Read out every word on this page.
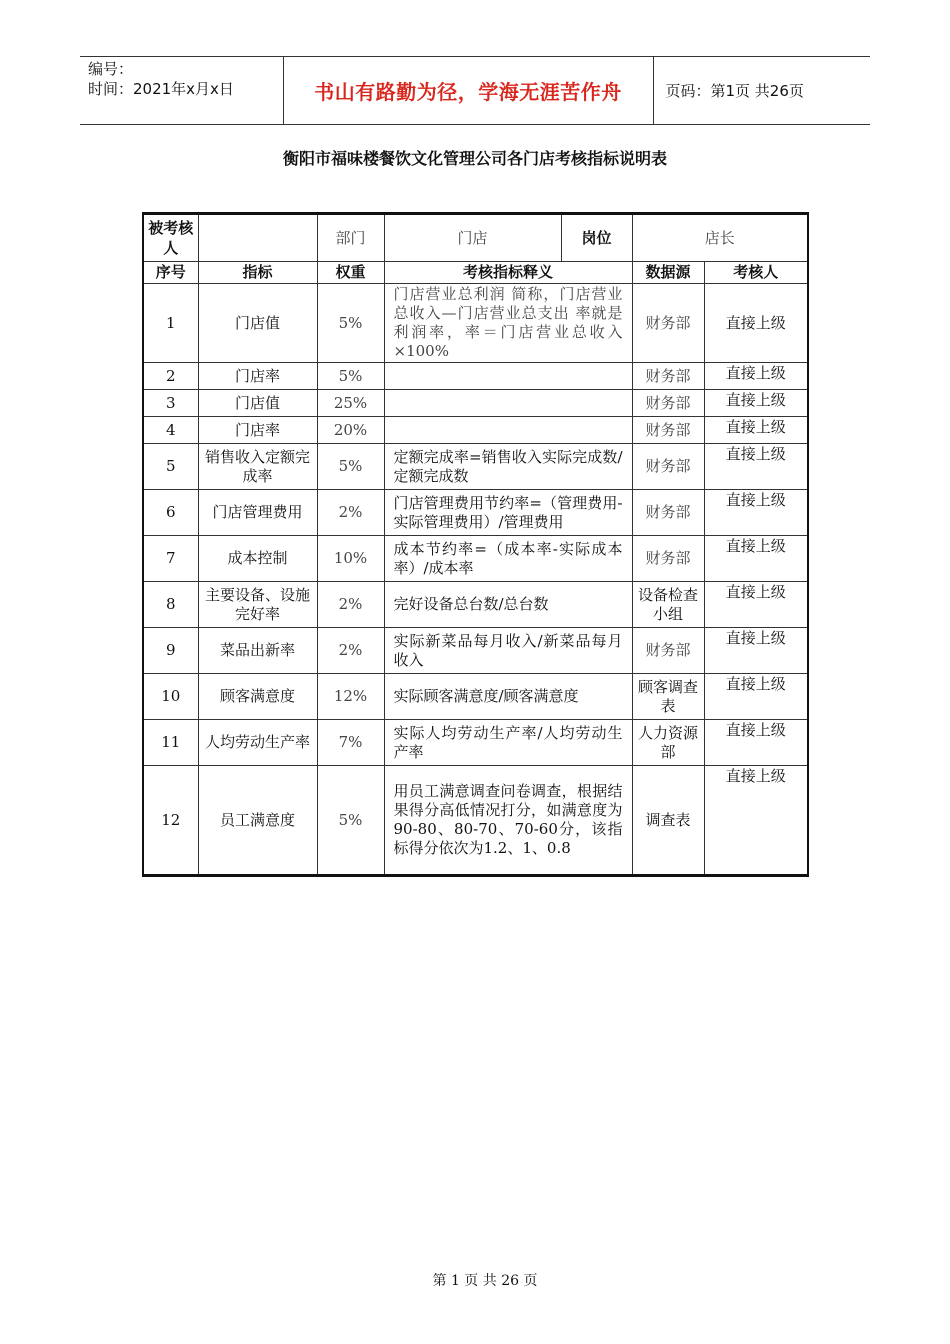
编号：
时间：2021年x月x日	书山有路勤为径，学海无涯苦作舟	页码：第1页 共26页
衡阳市福味楼餐饮文化管理公司各门店考核指标说明表
被考核人		部门	门店 岗位	店长	
序号	指标	权重	考核指标释义	数据源	考核人
1	门店值	5%	门店营业总利润 简称，门店营业总收入—门店营业总支出 率就是利润率，率＝门店营业总收入×100%	财务部	直接上级
2	门店率	5%		财务部	直接上级
3	门店值	25%		财务部	直接上级
4	门店率	20%		财务部	直接上级
5	销售收入定额完成率	5%	定额完成率=销售收入实际完成数/定额完成数	财务部	直接上级
6	门店管理费用	2%	门店管理费用节约率=（管理费用-实际管理费用）/管理费用	财务部	直接上级
7	成本控制	10%	成本节约率=（成本率-实际成本率）/成本率	财务部	直接上级
8	主要设备、设施完好率	2%	完好设备总台数/总台数	设备检查小组	直接上级
9	菜品出新率	2%	实际新菜品每月收入/新菜品每月收入	财务部	直接上级
10	顾客满意度	12%	实际顾客满意度/顾客满意度	顾客调查表	直接上级
11	人均劳动生产率	7%	实际人均劳动生产率/人均劳动生产率	人力资源部	直接上级
12	员工满意度	5%	用员工满意调查问卷调查，根据结果得分高低情况打分，如满意度为90-80、80-70、70-60分，该指标得分依次为1.2、1、0.8	调查表	直接上级
第 1 页 共 26 页
